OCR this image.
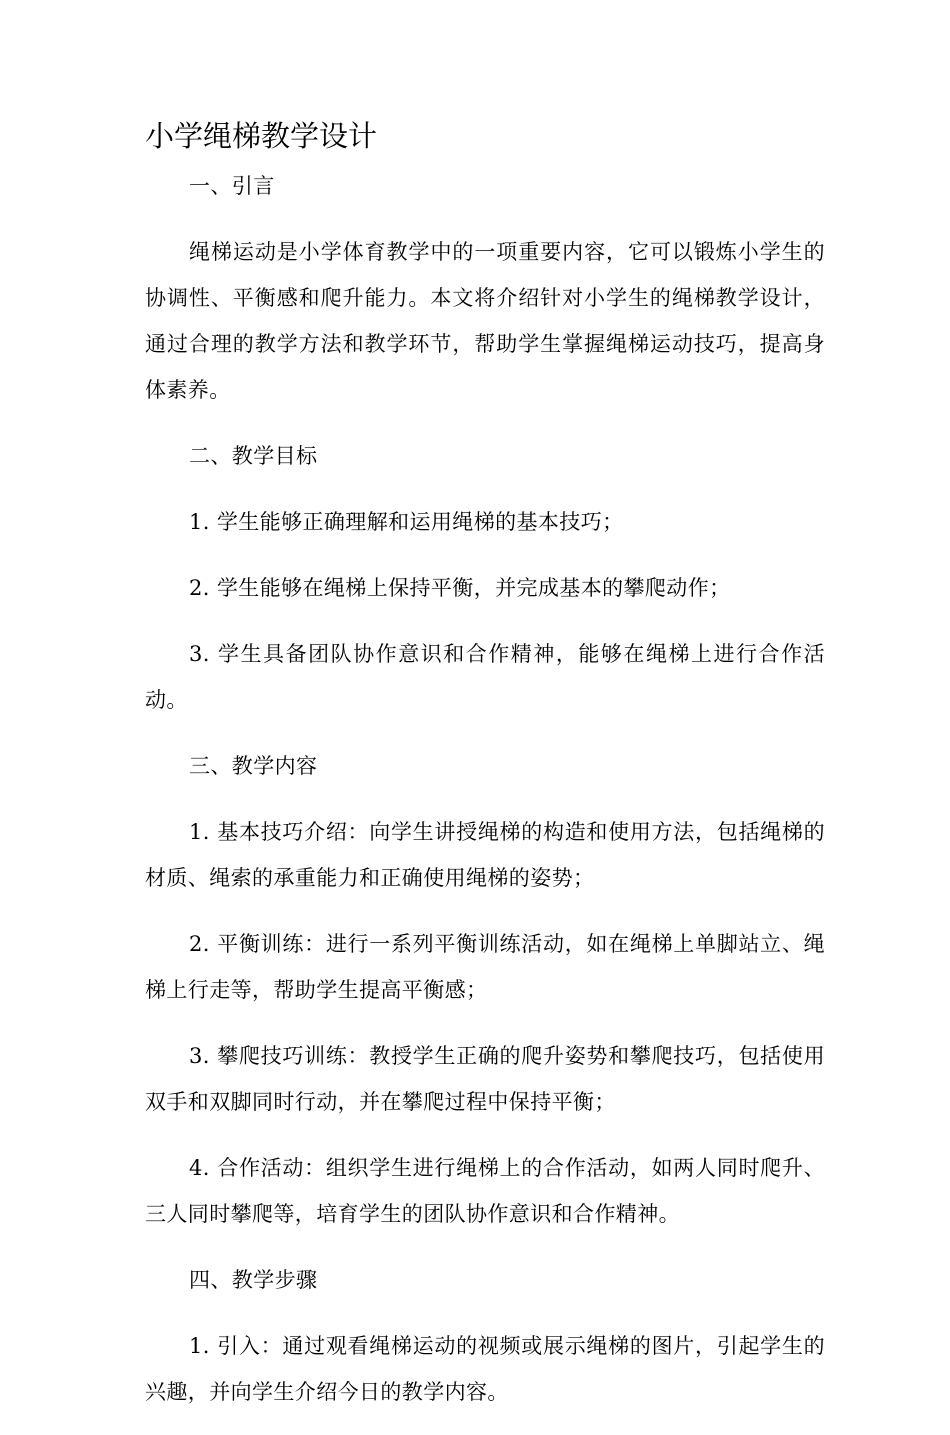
小学绳梯教学设计

一、引言

绳梯运动是小学体育教学中的一项重要内容，它可以锻炼小学生的协调性、平衡感和爬升能力。本文将介绍针对小学生的绳梯教学设计，通过合理的教学方法和教学环节，帮助学生掌握绳梯运动技巧，提高身体素养。

二、教学目标

1. 学生能够正确理解和运用绳梯的基本技巧；

2. 学生能够在绳梯上保持平衡，并完成基本的攀爬动作；

3. 学生具备团队协作意识和合作精神，能够在绳梯上进行合作活动。

三、教学内容

1. 基本技巧介绍：向学生讲授绳梯的构造和使用方法，包括绳梯的材质、绳索的承重能力和正确使用绳梯的姿势；

2. 平衡训练：进行一系列平衡训练活动，如在绳梯上单脚站立、绳梯上行走等，帮助学生提高平衡感；

3. 攀爬技巧训练：教授学生正确的爬升姿势和攀爬技巧，包括使用双手和双脚同时行动，并在攀爬过程中保持平衡；

4. 合作活动：组织学生进行绳梯上的合作活动，如两人同时爬升、三人同时攀爬等，培育学生的团队协作意识和合作精神。

四、教学步骤

1. 引入：通过观看绳梯运动的视频或展示绳梯的图片，引起学生的兴趣，并向学生介绍今日的教学内容。
